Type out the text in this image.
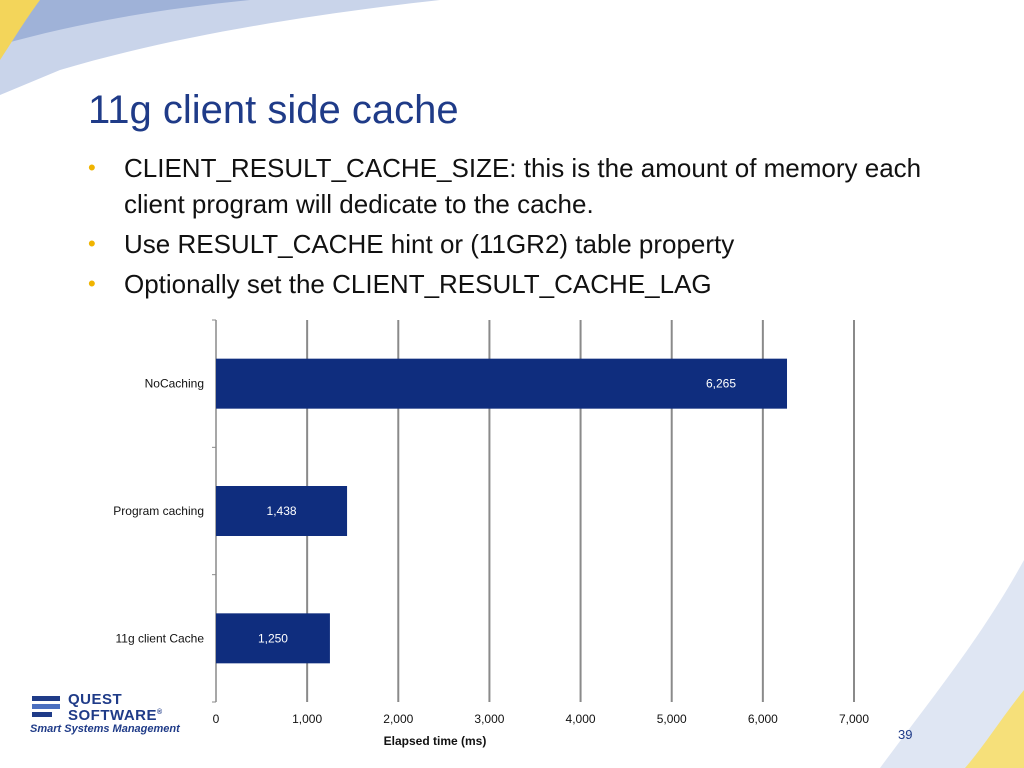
11g client side cache
• CLIENT_RESULT_CACHE_SIZE: this is the amount of memory each client program will dedicate to the cache.
• Use RESULT_CACHE hint or (11GR2) table property
• Optionally set the CLIENT_RESULT_CACHE_LAG
NoCaching	6,265
Program caching	1,438
11g client Cache	1,250
0	1,000	2,000	3,000	4,000	5,000	6,000	7,000
Elapsed time (ms)
QUEST
SOFTWARE®
Smart Systems Management	39
